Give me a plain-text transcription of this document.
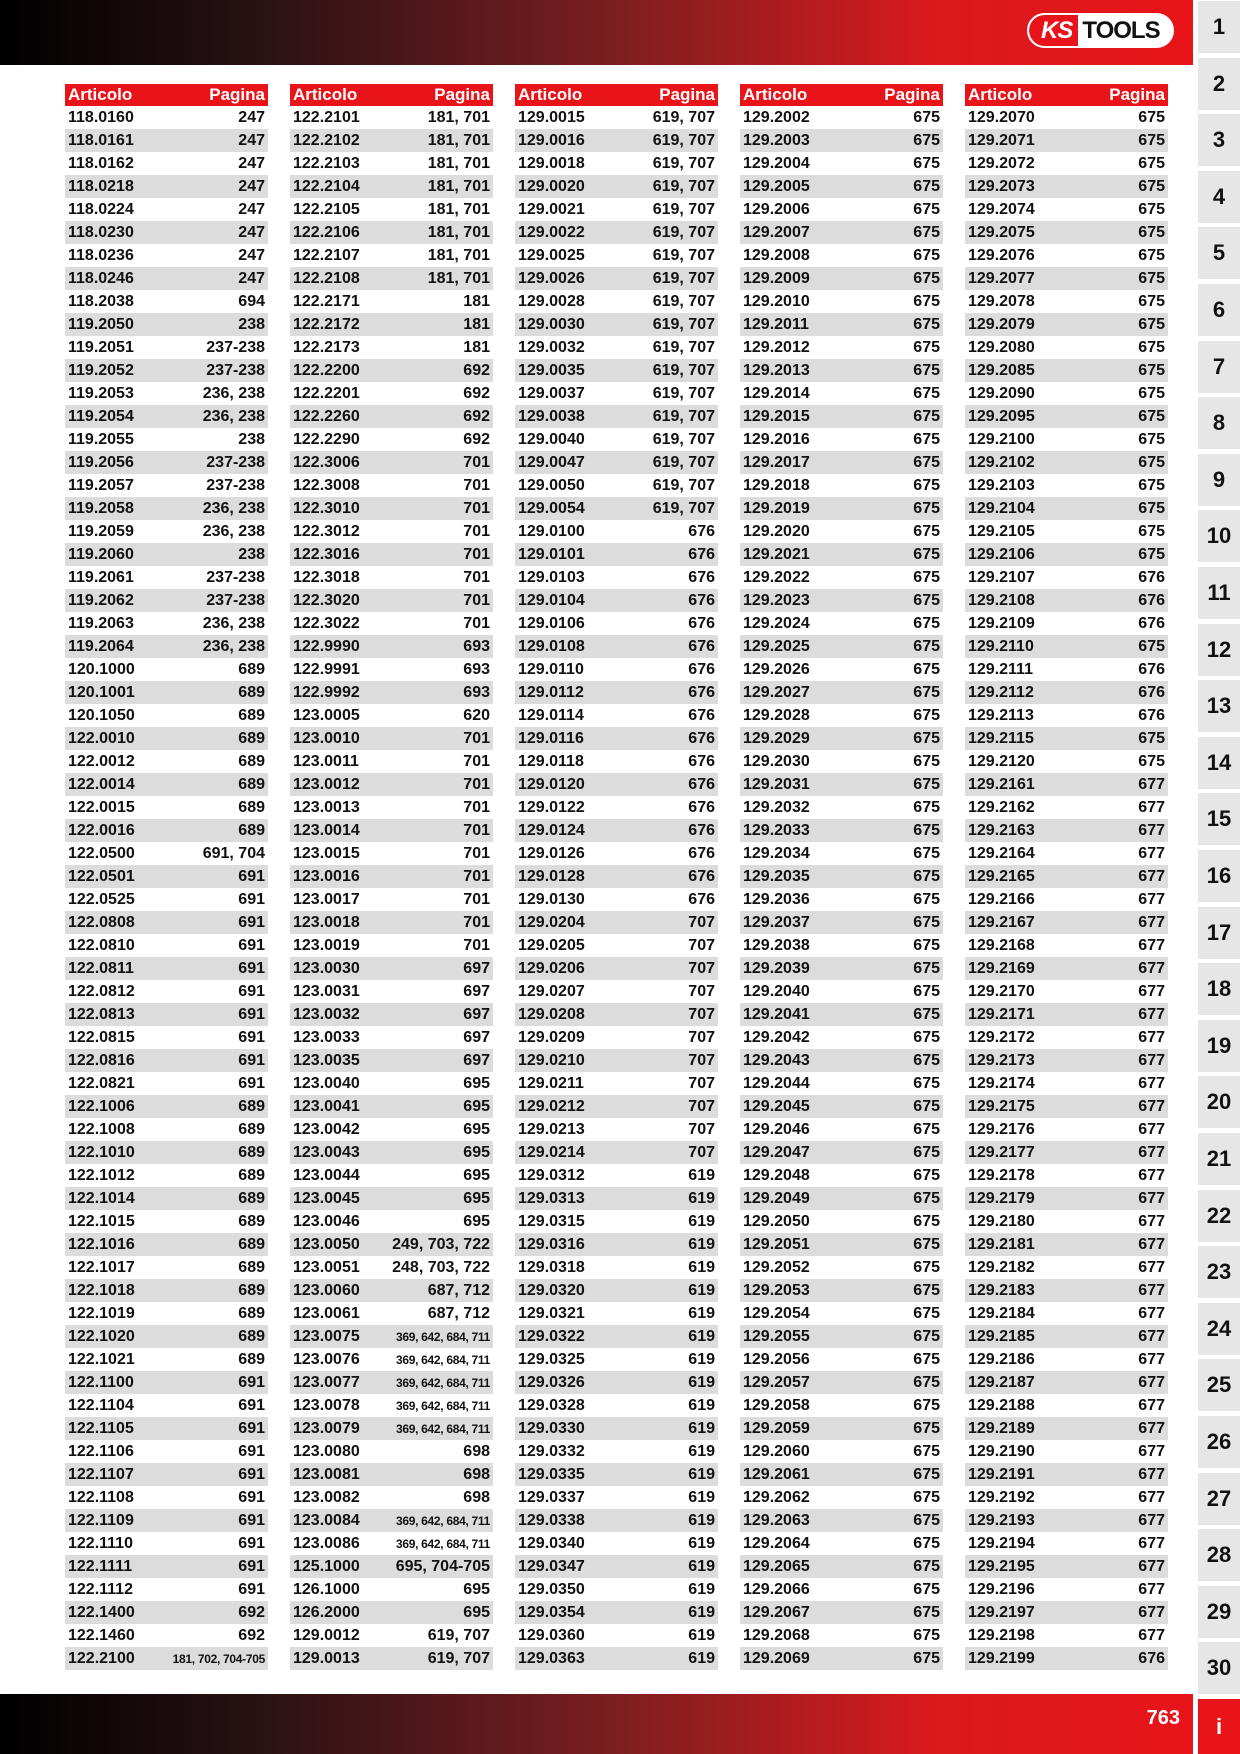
KS TOOLS
Articolo	Pagina
118.0160	247
118.0161	247
118.0162	247
118.0218	247
118.0224	247
118.0230	247
118.0236	247
118.0246	247
118.2038	694
119.2050	238
119.2051	237-238
119.2052	237-238
119.2053	236, 238
119.2054	236, 238
119.2055	238
119.2056	237-238
119.2057	237-238
119.2058	236, 238
119.2059	236, 238
119.2060	238
119.2061	237-238
119.2062	237-238
119.2063	236, 238
119.2064	236, 238
120.1000	689
120.1001	689
120.1050	689
122.0010	689
122.0012	689
122.0014	689
122.0015	689
122.0016	689
122.0500	691, 704
122.0501	691
122.0525	691
122.0808	691
122.0810	691
122.0811	691
122.0812	691
122.0813	691
122.0815	691
122.0816	691
122.0821	691
122.1006	689
122.1008	689
122.1010	689
122.1012	689
122.1014	689
122.1015	689
122.1016	689
122.1017	689
122.1018	689
122.1019	689
122.1020	689
122.1021	689
122.1100	691
122.1104	691
122.1105	691
122.1106	691
122.1107	691
122.1108	691
122.1109	691
122.1110	691
122.1111	691
122.1112	691
122.1400	692
122.1460	692
122.2100	181, 702, 704-705
Articolo	Pagina
122.2101	181, 701
122.2102	181, 701
122.2103	181, 701
122.2104	181, 701
122.2105	181, 701
122.2106	181, 701
122.2107	181, 701
122.2108	181, 701
122.2171	181
122.2172	181
122.2173	181
122.2200	692
122.2201	692
122.2260	692
122.2290	692
122.3006	701
122.3008	701
122.3010	701
122.3012	701
122.3016	701
122.3018	701
122.3020	701
122.3022	701
122.9990	693
122.9991	693
122.9992	693
123.0005	620
123.0010	701
123.0011	701
123.0012	701
123.0013	701
123.0014	701
123.0015	701
123.0016	701
123.0017	701
123.0018	701
123.0019	701
123.0030	697
123.0031	697
123.0032	697
123.0033	697
123.0035	697
123.0040	695
123.0041	695
123.0042	695
123.0043	695
123.0044	695
123.0045	695
123.0046	695
123.0050 249, 703, 722
123.0051 248, 703, 722
123.0060	687, 712
123.0061	687, 712
123.0075	369, 642, 684, 711
123.0076	369, 642, 684, 711
123.0077	369, 642, 684, 711
123.0078	369, 642, 684, 711
123.0079	369, 642, 684, 711
123.0080	698
123.0081	698
123.0082	698
123.0084	369, 642, 684, 711
123.0086	369, 642, 684, 711
125.1000 695, 704-705
126.1000	695
126.2000	695
129.0012	619, 707
129.0013	619, 707
Articolo	Pagina
129.0015	619, 707
129.0016	619, 707
129.0018	619, 707
129.0020	619, 707
129.0021	619, 707
129.0022	619, 707
129.0025	619, 707
129.0026	619, 707
129.0028	619, 707
129.0030	619, 707
129.0032	619, 707
129.0035	619, 707
129.0037	619, 707
129.0038	619, 707
129.0040	619, 707
129.0047	619, 707
129.0050	619, 707
129.0054	619, 707
129.0100	676
129.0101	676
129.0103	676
129.0104	676
129.0106	676
129.0108	676
129.0110	676
129.0112	676
129.0114	676
129.0116	676
129.0118	676
129.0120	676
129.0122	676
129.0124	676
129.0126	676
129.0128	676
129.0130	676
129.0204	707
129.0205	707
129.0206	707
129.0207	707
129.0208	707
129.0209	707
129.0210	707
129.0211	707
129.0212	707
129.0213	707
129.0214	707
129.0312	619
129.0313	619
129.0315	619
129.0316	619
129.0318	619
129.0320	619
129.0321	619
129.0322	619
129.0325	619
129.0326	619
129.0328	619
129.0330	619
129.0332	619
129.0335	619
129.0337	619
129.0338	619
129.0340	619
129.0347	619
129.0350	619
129.0354	619
129.0360	619
129.0363	619
Articolo	Pagina
129.2002	675
129.2003	675
129.2004	675
129.2005	675
129.2006	675
129.2007	675
129.2008	675
129.2009	675
129.2010	675
129.2011	675
129.2012	675
129.2013	675
129.2014	675
129.2015	675
129.2016	675
129.2017	675
129.2018	675
129.2019	675
129.2020	675
129.2021	675
129.2022	675
129.2023	675
129.2024	675
129.2025	675
129.2026	675
129.2027	675
129.2028	675
129.2029	675
129.2030	675
129.2031	675
129.2032	675
129.2033	675
129.2034	675
129.2035	675
129.2036	675
129.2037	675
129.2038	675
129.2039	675
129.2040	675
129.2041	675
129.2042	675
129.2043	675
129.2044	675
129.2045	675
129.2046	675
129.2047	675
129.2048	675
129.2049	675
129.2050	675
129.2051	675
129.2052	675
129.2053	675
129.2054	675
129.2055	675
129.2056	675
129.2057	675
129.2058	675
129.2059	675
129.2060	675
129.2061	675
129.2062	675
129.2063	675
129.2064	675
129.2065	675
129.2066	675
129.2067	675
129.2068	675
129.2069	675
Articolo	Pagina
129.2070	675
129.2071	675
129.2072	675
129.2073	675
129.2074	675
129.2075	675
129.2076	675
129.2077	675
129.2078	675
129.2079	675
129.2080	675
129.2085	675
129.2090	675
129.2095	675
129.2100	675
129.2102	675
129.2103	675
129.2104	675
129.2105	675
129.2106	675
129.2107	676
129.2108	676
129.2109	676
129.2110	675
129.2111	676
129.2112	676
129.2113	676
129.2115	675
129.2120	675
129.2161	677
129.2162	677
129.2163	677
129.2164	677
129.2165	677
129.2166	677
129.2167	677
129.2168	677
129.2169	677
129.2170	677
129.2171	677
129.2172	677
129.2173	677
129.2174	677
129.2175	677
129.2176	677
129.2177	677
129.2178	677
129.2179	677
129.2180	677
129.2181	677
129.2182	677
129.2183	677
129.2184	677
129.2185	677
129.2186	677
129.2187	677
129.2188	677
129.2189	677
129.2190	677
129.2191	677
129.2192	677
129.2193	677
129.2194	677
129.2195	677
129.2196	677
129.2197	677
129.2198	677
129.2199	676
1
2
3
4
5
6
7
8
9
10
11
12
13
14
15
16
17
18
19
20
21
22
23
24
25
26
27
28
29
30
i
763
